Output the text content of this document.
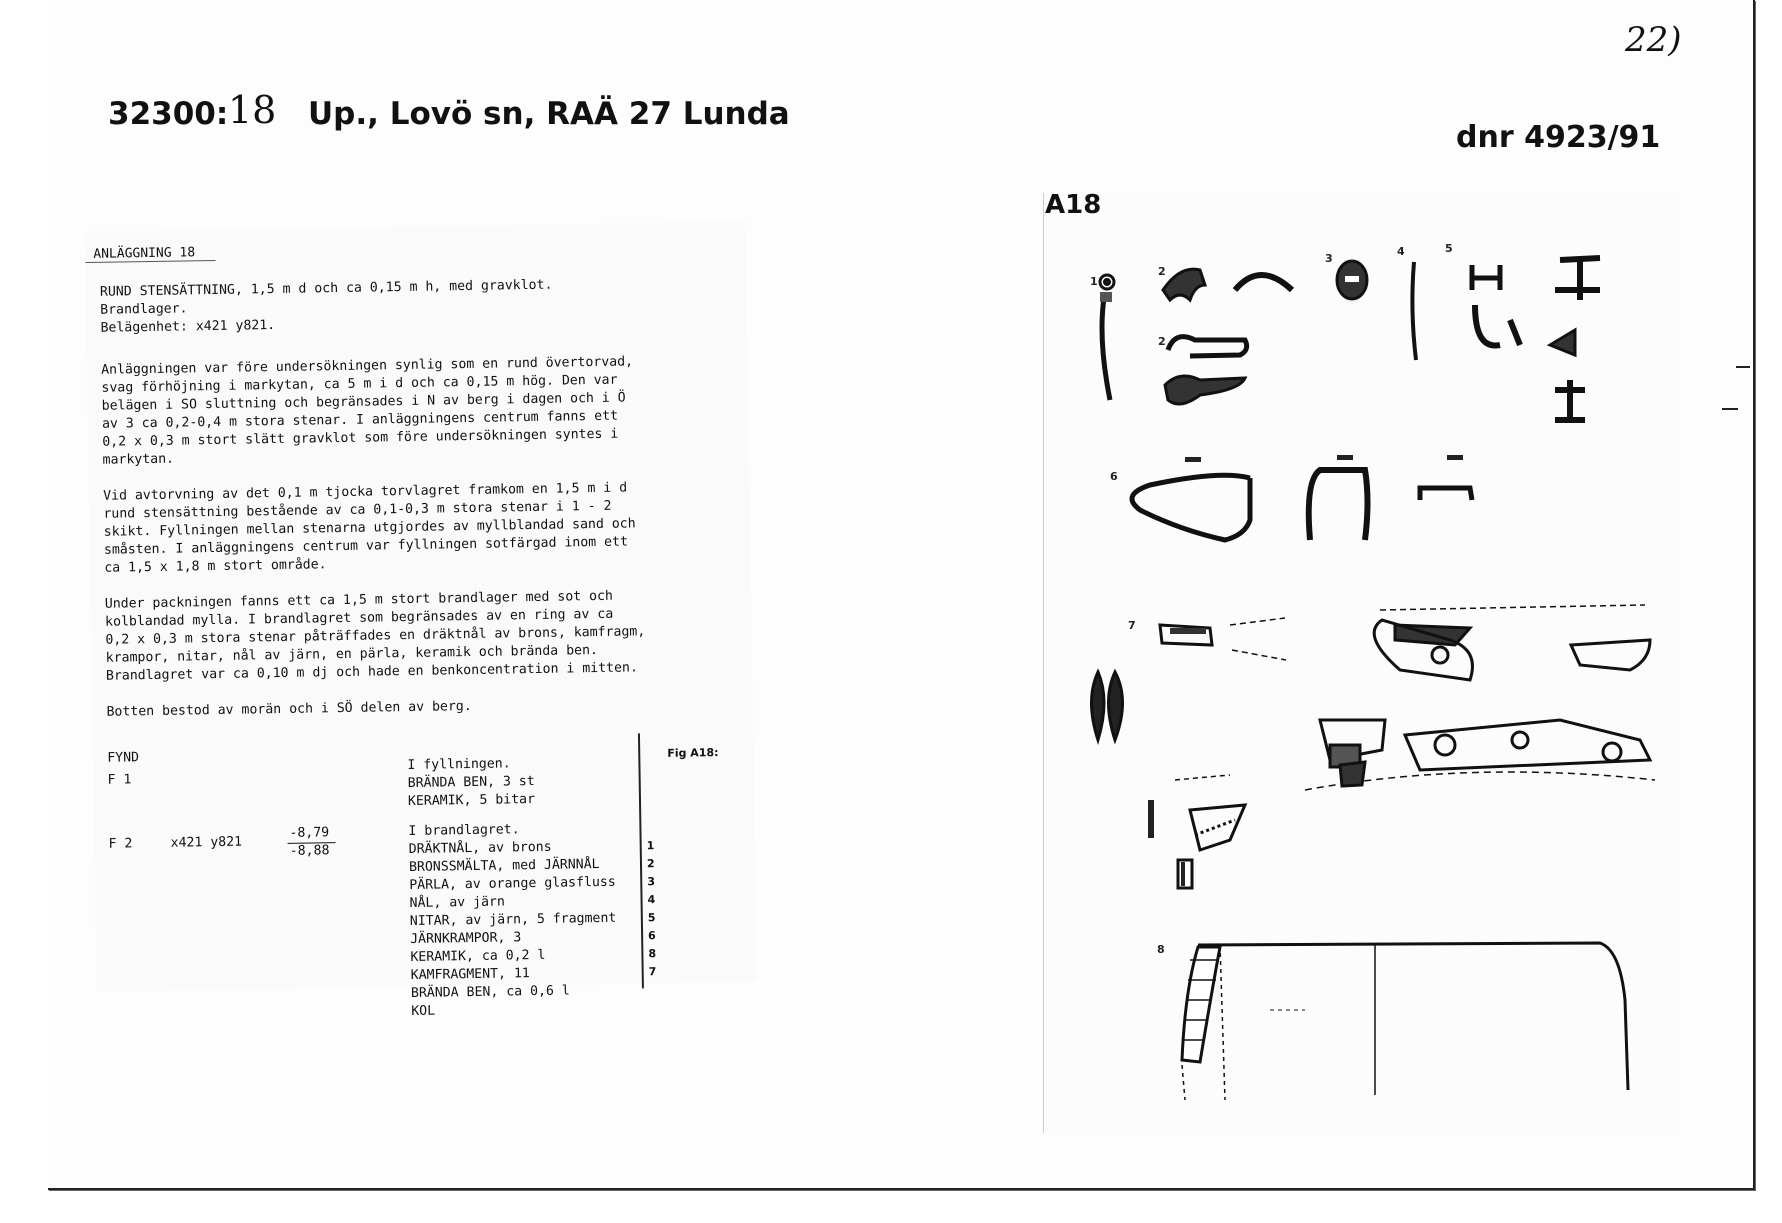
32300: 18 Up., Lovö sn, RAÄ 27 Lunda
dnr 4923/91
22)
ANLÄGGNING 18
RUND STENSÄTTNING, 1,5 m d och ca 0,15 m h, med gravklot.
Brandlager.
Belägenhet: x421 y821.
Anläggningen var före undersökningen synlig som en rund övertorvad,
svag förhöjning i markytan, ca 5 m i d och ca 0,15 m hög. Den var
belägen i SO sluttning och begränsades i N av berg i dagen och i Ö
av 3 ca 0,2-0,4 m stora stenar. I anläggningens centrum fanns ett
0,2 x 0,3 m stort slätt gravklot som före undersökningen syntes i
markytan.
Vid avtorvning av det 0,1 m tjocka torvlagret framkom en 1,5 m i d
rund stensättning bestående av ca 0,1-0,3 m stora stenar i 1 - 2
skikt. Fyllningen mellan stenarna utgjordes av myllblandad sand och
småsten. I anläggningens centrum var fyllningen sotfärgad inom ett
ca 1,5 x 1,8 m stort område.
Under packningen fanns ett ca 1,5 m stort brandlager med sot och
kolblandad mylla. I brandlagret som begränsades av en ring av ca
0,2 x 0,3 m stora stenar påträffades en dräktnål av brons, kamfragm,
krampor, nitar, nål av järn, en pärla, keramik och brända ben.
Brandlagret var ca 0,10 m dj och hade en benkoncentration i mitten.
Botten bestod av morän och i SÖ delen av berg.
FYND
F 1
I fyllningen.
BRÄNDA BEN, 3 st
KERAMIK, 5 bitar
Fig A18:
F 2	x421 y821
-8,79
-8,88
I brandlagret.
DRÄKTNÅL, av brons
BRONSSMÄLTA, med JÄRNNÅL
PÄRLA, av orange glasfluss
NÅL, av järn
NITAR, av järn, 5 fragment
JÄRNKRAMPOR, 3
KERAMIK, ca 0,2 l
KAMFRAGMENT, 11
BRÄNDA BEN, ca 0,6 l
KOL
1
2
3
4
5
6
8
7
A18
1
2
2
3
4	5
6
7
8
